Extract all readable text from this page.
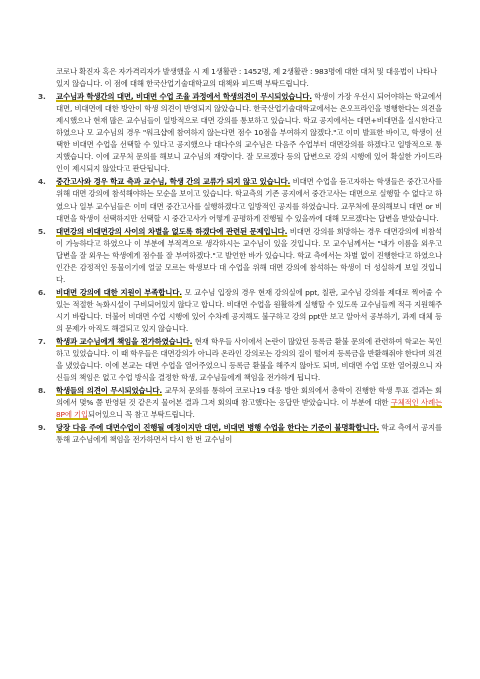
코로나 확진자 혹은 자가격리자가 발생했을 시 제 1생활관 : 1452명, 제 2생활관 : 983명에 대한 대처 및 대응법이 나타나있지 않습니다. 이 점에 대해 한국산업기술대학교의 대책와 피드백 부탁드립니다.
3.	교수님과 학생간의 대면, 비대면 수업 조율 과정에서 학생의견이 무시되었습니다. 학생이 가장 우선시 되어야하는 학교에서 대면, 비대면에 대한 방안이 학생 의견이 반영되지 않았습니다. 한국산업기술대학교에서는 온오프라인을 병행한다는 의견을 제시했으나 현재 많은 교수님들이 일방적으로 대면 강의를 통보하고 있습니다. 학교 공지에서는 대면+비대면을 실시한다고 하였으나 모 교수님의 경우 "워크샵에 참여하지 않는다면 점수 10점을 부여하지 않겠다."고 이미 발표한 바이고, 학생이 선택한 비대면 수업을 선택할 수 있다고 공지했으나 대다수의 교수님은 다음주 수업부터 대면강의를 하겠다고 일방적으로 통지했습니다. 이에 교무처 문의를 해보니 교수님의 재량이다. 잘 모르겠다 등의 답변으로 강의 시행에 있어 확실한 가이드라인이 제시되지 않았다고 판단됩니다.
4.	중간고사와 경우 학교 측과 교수님, 학생 간의 교류가 되지 않고 있습니다. 비대면 수업을 듣고자하는 학생들은 중간고사를 위해 대면 강의에 참석해야하는 모순을 보이고 있습니다. 학교측의 기존 공지에서 중간고사는 대면으로 실행할 수 없다고 하였으나 일부 교수님들은 이미 대면 중간고사를 실행하겠다고 일방적인 공지를 하였습니다. 교무처에 문의해보니 대면 or 비대면을 학생이 선택하지만 선택할 시 중간고사가 어떻게 공평하게 진행될 수 있을까에 대해 모르겠다는 답변을 받았습니다.
5.	대면강의 비대면강의 사이의 차별을 없도록 하겠다에 관련된 문제입니다. 비대면 강의를 희망하는 경우 대면강의에 비참석이 가능하다고 하였으나 이 부분에 부적격으로 생각하시는 교수님이 있을 것입니다. 모 교수님께서는 "내가 이름을 외우고 답변을 잘 외우는 학생에게 점수를 잘 부여하겠다."고 발언한 바가 있습니다. 학교 측에서는 차별 없이 진행한다고 하였으나 인간은 감정적인 동물이기에 얼굴 모르는 학생보다 대 수업을 위해 대면 강의에 참석하는 학생이 더 성실하게 보일 것입니다.
6.	비대면 강의에 대한 지원이 부족합니다. 모 교수님 입장의 경우 현재 강의실에 ppt, 칠판, 교수님 강의를 제대로 찍어줄 수 있는 적절한 녹화시설이 구비되어있지 않다고 합니다. 비대면 수업을 원활하게 실행할 수 있도록 교수님들께 적극 지원해주시기 바랍니다. 더불어 비대면 수업 시행에 있어 수차례 공지해도 불구하고 강의 ppt만 보고 알아서 공부하기, 과제 대체 등의 문제가 아직도 해결되고 있지 않습니다.
7.	학생과 교수님에게 책임을 전가하였습니다. 현재 학우들 사이에서 논란이 많았던 등록금 환불 문의에 관련하여 학교는 묵인하고 있었습니다. 이 때 학우들은 대면강의가 아니라 온라인 강의로는 강의의 질이 떨어져 등록금을 반환해줘야 한다며 의견을 냈었습니다. 이에 본교는 대면 수업을 열어주었으니 등록금 환불을 해주지 않아도 되며, 비대면 수업 또한 열어줬으니 자신들의 책임은 없고 수업 방식을 결정한 학생, 교수님들에게 책임을 전가하게 됩니다.
8.	학생들의 의견이 무시되었습니다. 교무처 문의를 통하여 코로나19 대응 방안 회의에서 총학이 진행한 학생 투표 결과는 회의에서 몇% 쯤 반영된 것 같은지 물어본 결과 그저 회의때 참고했다는 응답만 받았습니다. 이 부분에 대한 구체적인 사례는 8P에 기입되어있으니 꼭 참고 부탁드립니다.
9.	당장 다음 주에 대면수업이 진행될 예정이지만 대면, 비대면 병행 수업을 한다는 기준이 불명확합니다. 학교 측에서 공지를 통해 교수님에게 책임을 전가하면서 다시 한 번 교수님이
